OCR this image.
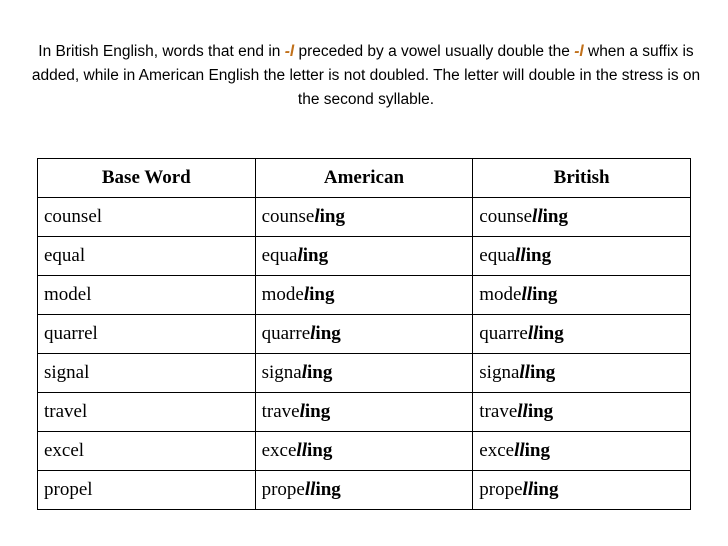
In British English, words that end in -l preceded by a vowel usually double the -l when a suffix is added, while in American English the letter is not doubled. The letter will double in the stress is on the second syllable.
Base Word	American	British
counsel	counseling	counselling
equal	equaling	equalling
model	modeling	modelling
quarrel	quarreling	quarrelling
signal	signaling	signalling
travel	traveling	travelling
excel	excelling	excelling
propel	propelling	propelling
